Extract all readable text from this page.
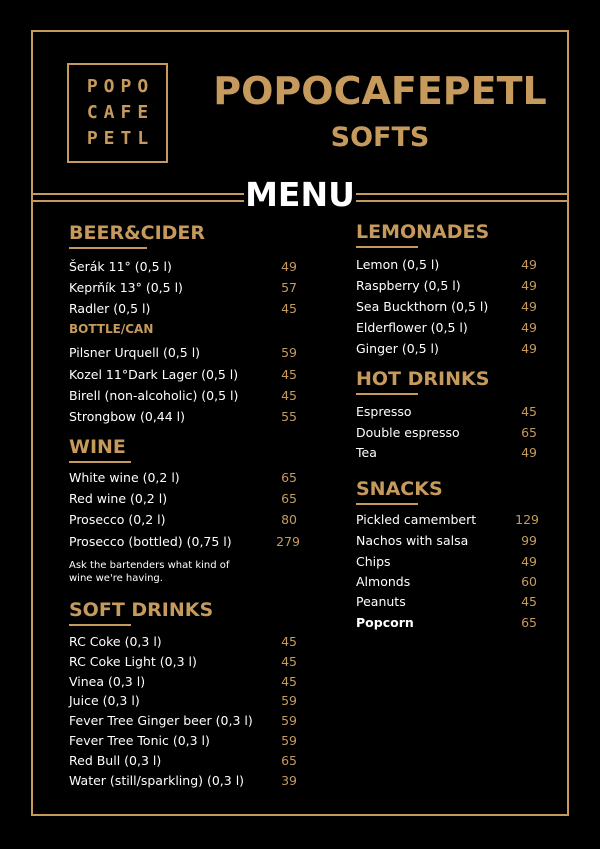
POPO
CAFE
PETL
POPOCAFEPETL
SOFTS
MENU
BEER&CIDER
Šerák 11° (0,5 l)	49
Keprňík 13° (0,5 l)	57
Radler (0,5 l)	45
BOTTLE/CAN
Pilsner Urquell (0,5 l)	59
Kozel 11°Dark Lager (0,5 l)	45
Birell (non-alcoholic) (0,5 l)	45
Strongbow (0,44 l)	55
WINE
White wine (0,2 l)	65
Red wine (0,2 l)	65
Prosecco (0,2 l)	80
Prosecco (bottled) (0,75 l)	279
Ask the bartenders what kind of
wine we're having.
SOFT DRINKS
RC Coke (0,3 l)	45
RC Coke Light (0,3 l)	45
Vinea (0,3 l)	45
Juice (0,3 l)	59
Fever Tree Ginger beer (0,3 l) 59
Fever Tree Tonic (0,3 l)	59
Red Bull (0,3 l)	65
Water (still/sparkling) (0,3 l)	39
LEMONADES
Lemon (0,5 l)	49
Raspberry (0,5 l)	49
Sea Buckthorn (0,5 l)	49
Elderflower (0,5 l)	49
Ginger (0,5 l)	49
HOT DRINKS
Espresso	45
Double espresso	65
Tea	49
SNACKS
Pickled camembert	129
Nachos with salsa	99
Chips	49
Almonds	60
Peanuts	45
Popcorn	65
